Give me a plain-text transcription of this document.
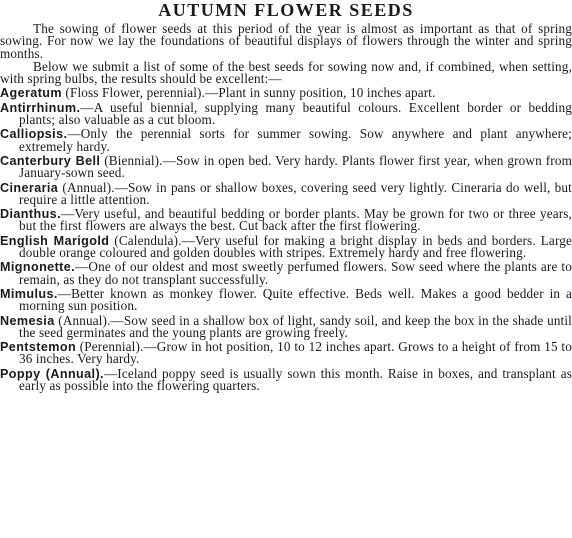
AUTUMN FLOWER SEEDS

The sowing of flower seeds at this period of the year is almost as important as that of spring sowing. For now we lay the foundations of beautiful displays of flowers through the winter and spring months.

Below we submit a list of some of the best seeds for sowing now and, if combined, when setting, with spring bulbs, the results should be excellent:—

Ageratum (Floss Flower, perennial).—Plant in sunny position, 10 inches apart.

Antirrhinum.—A useful biennial, supplying many beautiful colours. Excellent border or bedding plants; also valuable as a cut bloom.

Calliopsis.—Only the perennial sorts for summer sowing. Sow anywhere and plant anywhere; extremely hardy.

Canterbury Bell (Biennial).—Sow in open bed. Very hardy. Plants flower first year, when grown from January-sown seed.

Cineraria (Annual).—Sow in pans or shallow boxes, covering seed very lightly. Cineraria do well, but require a little attention.

Dianthus.—Very useful, and beautiful bedding or border plants. May be grown for two or three years, but the first flowers are always the best. Cut back after the first flowering.

English Marigold (Calendula).—Very useful for making a bright display in beds and borders. Large double orange coloured and golden doubles with stripes. Extremely hardy and free flowering.

Mignonette.—One of our oldest and most sweetly perfumed flowers. Sow seed where the plants are to remain, as they do not transplant successfully.

Mimulus.—Better known as monkey flower. Quite effective. Beds well. Makes a good bedder in a morning sun position.

Nemesia (Annual).—Sow seed in a shallow box of light, sandy soil, and keep the box in the shade until the seed germinates and the young plants are growing freely.

Pentstemon (Perennial).—Grow in hot position, 10 to 12 inches apart. Grows to a height of from 15 to 36 inches. Very hardy.

Poppy (Annual).—Iceland poppy seed is usually sown this month. Raise in boxes, and transplant as early as possible into the flowering quarters.
